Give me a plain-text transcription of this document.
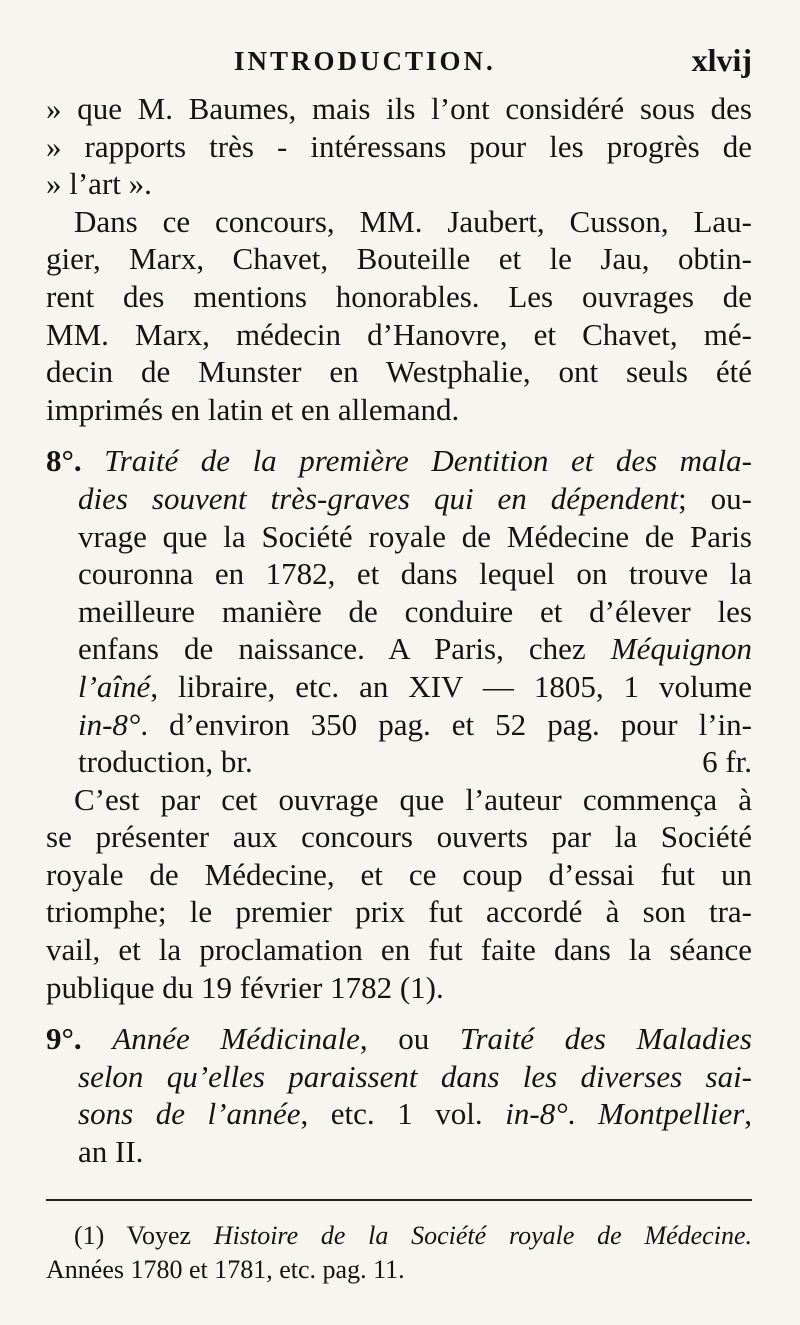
INTRODUCTION.	xlvij
» que M. Baumes, mais ils l’ont considéré sous des
» rapports très - intéressans pour les progrès de
» l’art ».
Dans ce concours, MM. Jaubert, Cusson, Lau-
gier, Marx, Chavet, Bouteille et le Jau, obtin-
rent des mentions honorables. Les ouvrages de
MM. Marx, médecin d’Hanovre, et Chavet, mé-
decin de Munster en Westphalie, ont seuls été
imprimés en latin et en allemand.
8°. Traité de la première Dentition et des mala-
dies souvent très-graves qui en dépendent; ou-
vrage que la Société royale de Médecine de Paris
couronna en 1782, et dans lequel on trouve la
meilleure manière de conduire et d’élever les
enfans de naissance. A Paris, chez Méquignon
l’aîné, libraire, etc. an XIV — 1805, 1 volume
in-8°. d’environ 350 pag. et 52 pag. pour l’in-
troduction, br.	6 fr.
C’est par cet ouvrage que l’auteur commença à
se présenter aux concours ouverts par la Société
royale de Médecine, et ce coup d’essai fut un
triomphe; le premier prix fut accordé à son tra-
vail, et la proclamation en fut faite dans la séance
publique du 19 février 1782 (1).
9°. Année Médicinale, ou Traité des Maladies
selon qu’elles paraissent dans les diverses sai-
sons de l’année, etc. 1 vol. in-8°. Montpellier,
an II.
(1) Voyez Histoire de la Société royale de Médecine.
Années 1780 et 1781, etc. pag. 11.
